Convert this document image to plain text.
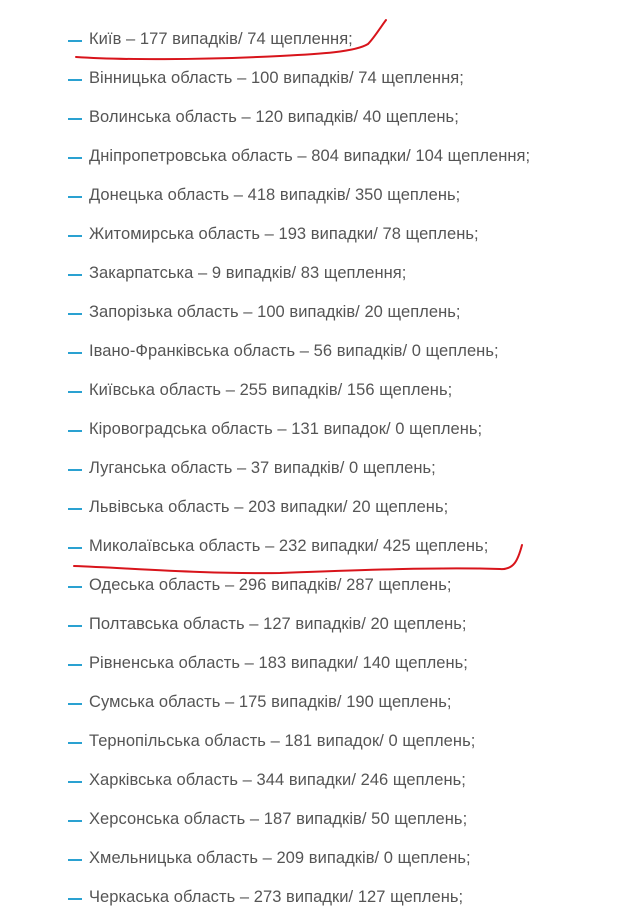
Київ – 177 випадків/ 74 щеплення;
Вінницька область – 100 випадків/ 74 щеплення;
Волинська область – 120 випадків/ 40 щеплень;
Дніпропетровська область – 804 випадки/ 104 щеплення;
Донецька область – 418 випадків/ 350 щеплень;
Житомирська область – 193 випадки/ 78 щеплень;
Закарпатська – 9 випадків/ 83 щеплення;
Запорізька область – 100 випадків/ 20 щеплень;
Івано-Франківська область – 56 випадків/ 0 щеплень;
Київська область – 255 випадків/ 156 щеплень;
Кіровоградська область – 131 випадок/ 0 щеплень;
Луганська область – 37 випадків/ 0 щеплень;
Львівська область – 203 випадки/ 20 щеплень;
Миколаївська область – 232 випадки/ 425 щеплень;
Одеська область – 296 випадків/ 287 щеплень;
Полтавська область – 127 випадків/ 20 щеплень;
Рівненська область – 183 випадки/ 140 щеплень;
Сумська область – 175 випадків/ 190 щеплень;
Тернопільська область – 181 випадок/ 0 щеплень;
Харківська область – 344 випадки/ 246 щеплень;
Херсонська область – 187 випадків/ 50 щеплень;
Хмельницька область – 209 випадків/ 0 щеплень;
Черкаська область – 273 випадки/ 127 щеплень;
